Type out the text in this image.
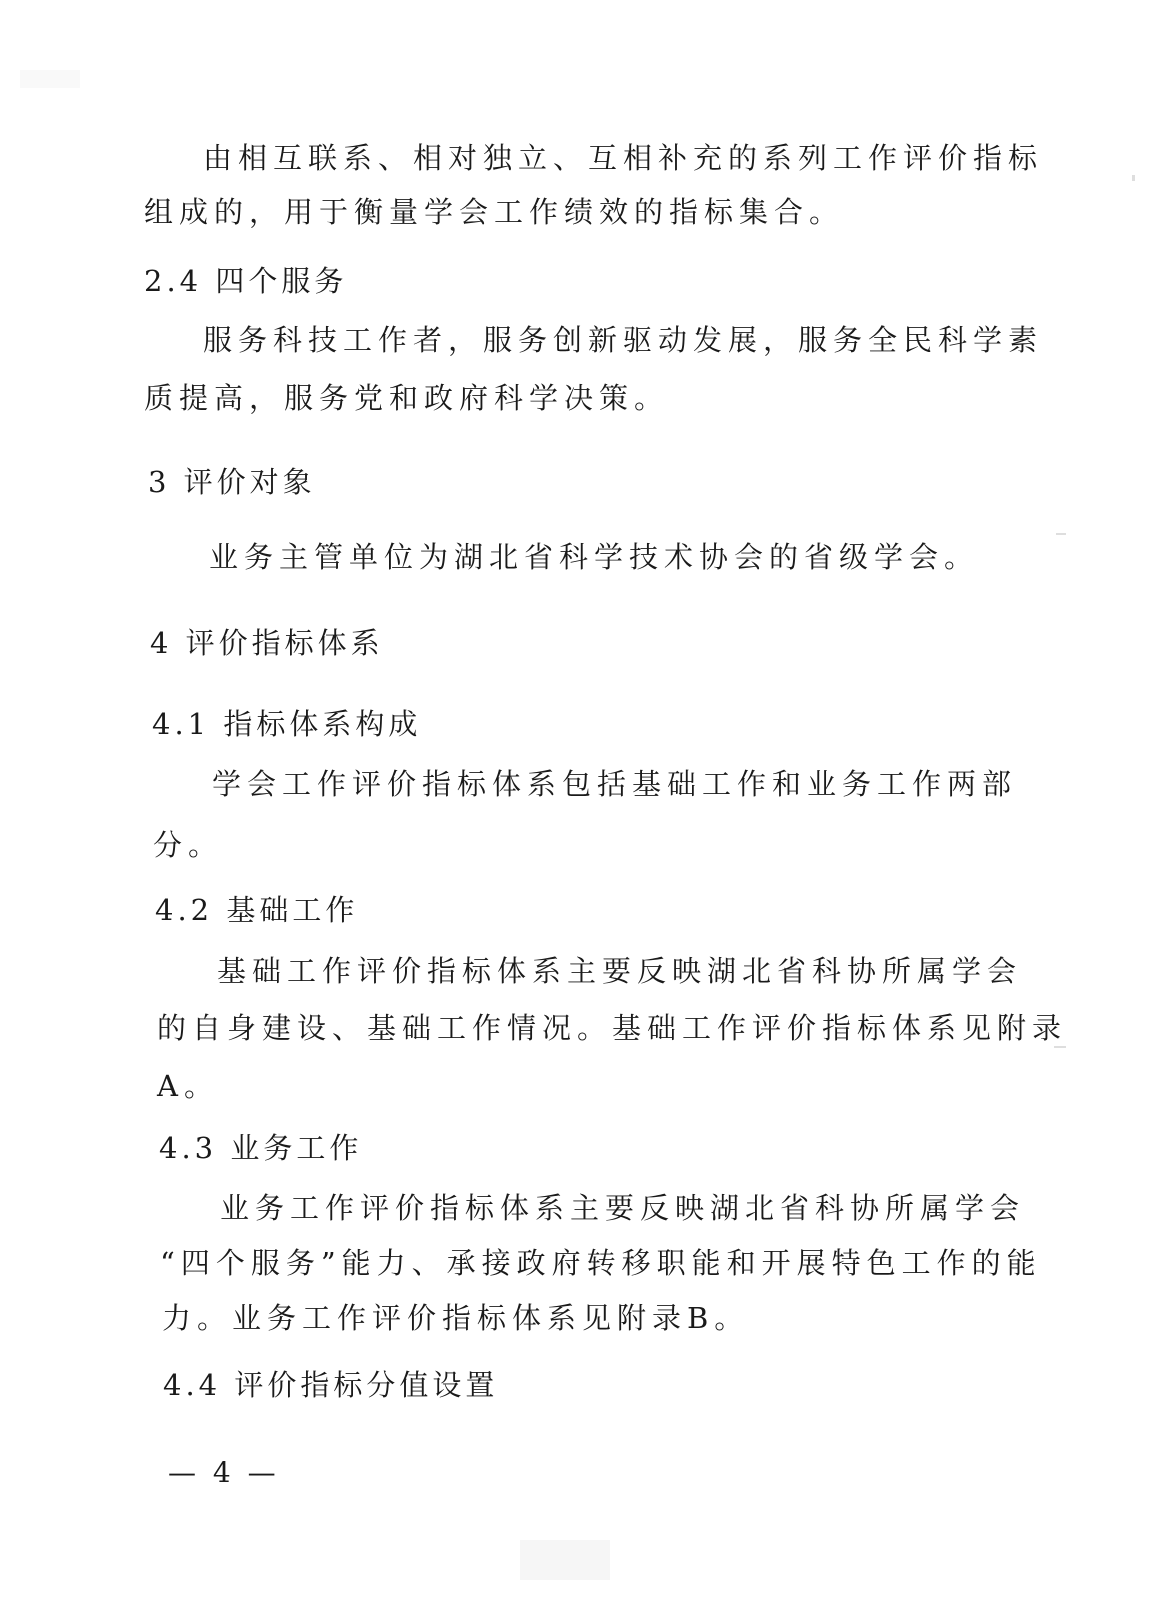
由相互联系、相对独立、互相补充的系列工作评价指标
组成的，用于衡量学会工作绩效的指标集合。
2.4 四个服务
服务科技工作者，服务创新驱动发展，服务全民科学素
质提高，服务党和政府科学决策。
3 评价对象
业务主管单位为湖北省科学技术协会的省级学会。
4 评价指标体系
4.1 指标体系构成
学会工作评价指标体系包括基础工作和业务工作两部
分。
4.2 基础工作
基础工作评价指标体系主要反映湖北省科协所属学会
的自身建设、基础工作情况。基础工作评价指标体系见附录
A。
4.3 业务工作
业务工作评价指标体系主要反映湖北省科协所属学会
“四个服务”能力、承接政府转移职能和开展特色工作的能
力。业务工作评价指标体系见附录B。
4.4 评价指标分值设置
— 4 —
